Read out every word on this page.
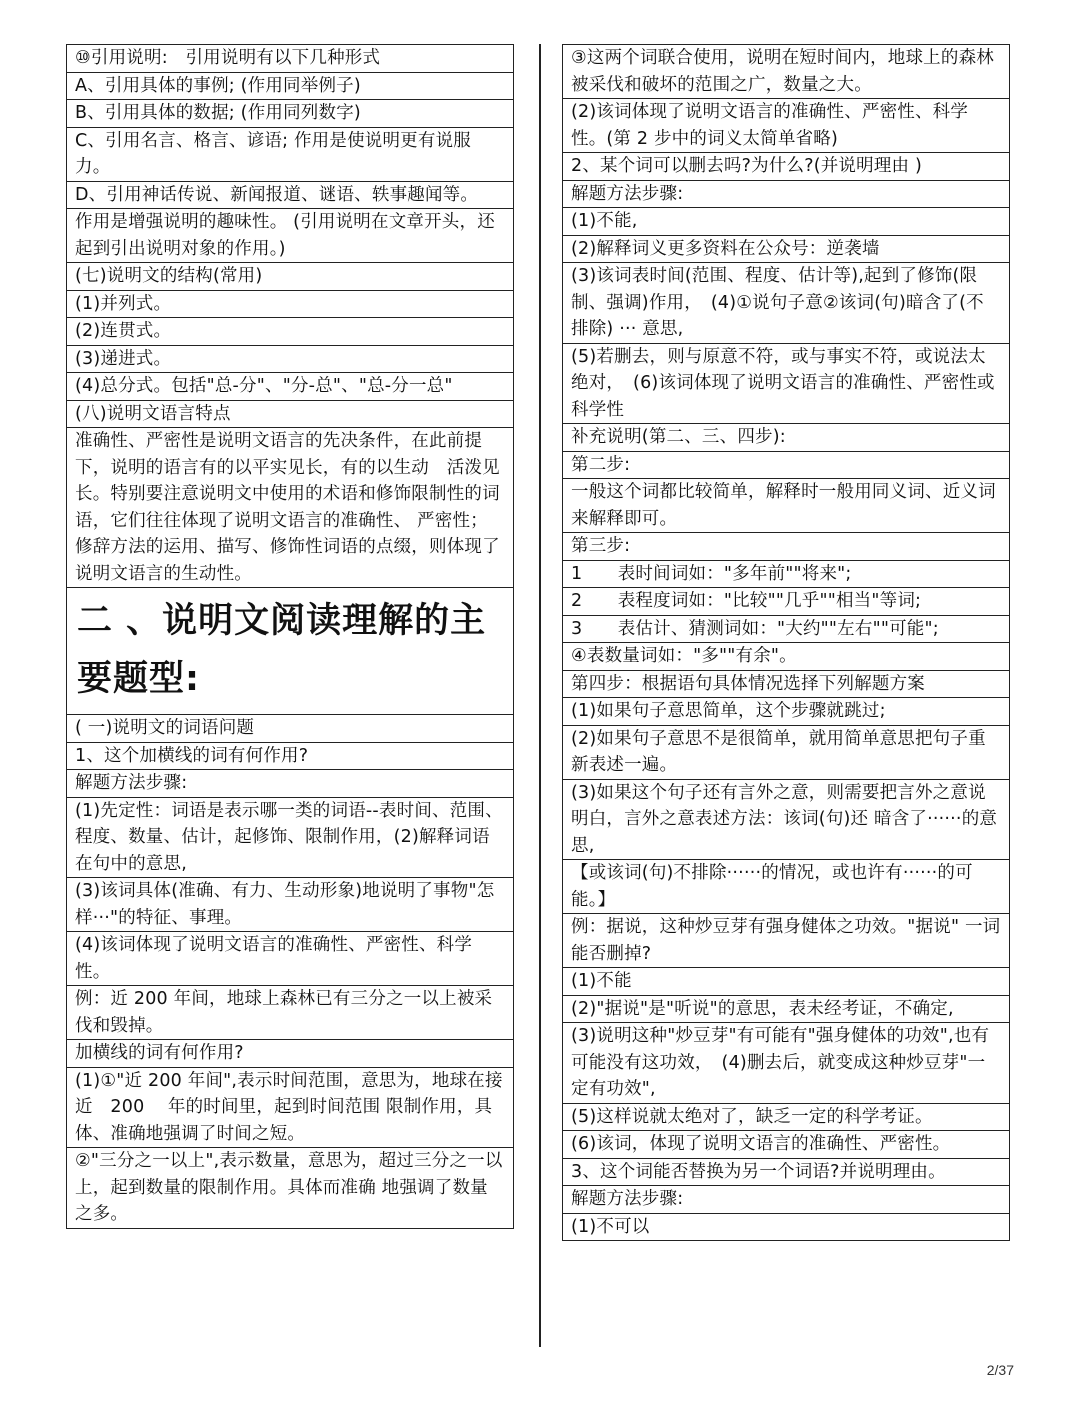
⑩引用说明:　引用说明有以下几种形式
A、引用具体的事例; (作用同举例子)
B、引用具体的数据; (作用同列数字)
C、引用名言、格言、谚语; 作用是使说明更有说服力。
D、引用神话传说、新闻报道、谜语、轶事趣闻等。
作用是增强说明的趣味性。 (引用说明在文章开头，还起到引出说明对象的作用。)
(七)说明文的结构(常用)
(1)并列式。
(2)连贯式。
(3)递进式。
(4)总分式。包括"总-分"、"分-总"、"总-分一总"
(八)说明文语言特点
准确性、严密性是说明文语言的先决条件，在此前提下，说明的语言有的以平实见长，有的以生动　活泼见长。特别要注意说明文中使用的术语和修饰限制性的词语，它们往往体现了说明文语言的准确性、 严密性；修辞方法的运用、描写、修饰性词语的点缀，则体现了说明文语言的生动性。
二 、说明文阅读理解的主要题型:
( 一)说明文的词语问题
1、这个加横线的词有何作用?
解题方法步骤:
(1)先定性：词语是表示哪一类的词语--表时间、范围、程度、数量、估计，起修饰、限制作用，(2)解释词语在句中的意思,
(3)该词具体(准确、有力、生动形象)地说明了事物"怎样···"的特征、事理。
(4)该词体现了说明文语言的准确性、严密性、科学性。
例：近 200 年间，地球上森林已有三分之一以上被采伐和毁掉。
加横线的词有何作用?
(1)①"近 200 年间",表示时间范围，意思为，地球在接近　200　 年的时间里，起到时间范围 限制作用，具体、准确地强调了时间之短。
②"三分之一以上",表示数量，意思为，超过三分之一以上，起到数量的限制作用。具体而准确 地强调了数量之多。
③这两个词联合使用，说明在短时间内，地球上的森林被采伐和破坏的范围之广，数量之大。
(2)该词体现了说明文语言的准确性、严密性、科学性。(第 2 步中的词义太简单省略)
2、某个词可以删去吗?为什么?(并说明理由 )
解题方法步骤:
(1)不能,
(2)解释词义更多资料在公众号：逆袭墙
(3)该词表时间(范围、程度、估计等),起到了修饰(限制、强调)作用，　(4)①说句子意②该词(句)暗含了(不排除) ··· 意思,
(5)若删去，则与原意不符，或与事实不符，或说法太绝对，　(6)该词体现了说明文语言的准确性、严密性或科学性
补充说明(第二、三、四步):
第二步:
一般这个词都比较简单，解释时一般用同义词、近义词来解释即可。
第三步:
1　　表时间词如："多年前""将来";
2　　表程度词如："比较""几乎""相当"等词;
3　　表估计、猜测词如："大约""左右""可能";
④表数量词如："多""有余"。
第四步：根据语句具体情况选择下列解题方案
(1)如果句子意思简单，这个步骤就跳过;
(2)如果句子意思不是很简单，就用简单意思把句子重新表述一遍。
(3)如果这个句子还有言外之意，则需要把言外之意说明白，言外之意表述方法：该词(句)还 暗含了······的意思,
【或该词(句)不排除······的情况，或也许有······的可能。】
例：据说，这种炒豆芽有强身健体之功效。"据说" 一词能否删掉?
(1)不能
(2)"据说"是"听说"的意思，表未经考证，不确定,
(3)说明这种"炒豆芽"有可能有"强身健体的功效",也有可能没有这功效，　(4)删去后，就变成这种炒豆芽"一定有功效",
(5)这样说就太绝对了，缺乏一定的科学考证。
(6)该词，体现了说明文语言的准确性、严密性。
3、这个词能否替换为另一个词语?并说明理由。
解题方法步骤:
(1)不可以
2/37
